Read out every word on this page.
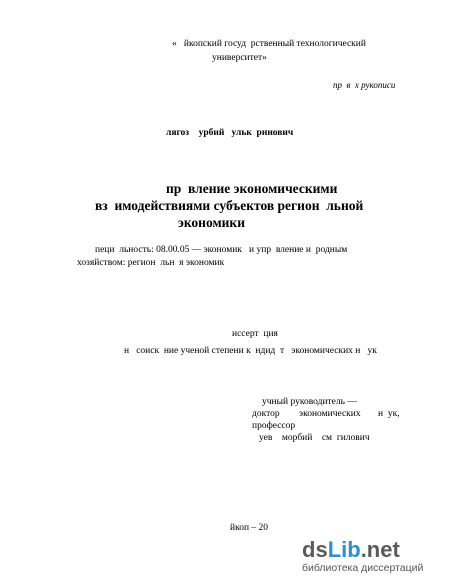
«   йкопский госуд  рственный технологический
университет»
пр  в  х рукописи
лягоз    урбий   ульк  рннович
пр  вление экономическими
вз  имодействиями субъектов регион  льной
экономики
пеци  льность: 08.00.05 — экономик   и упр  вление и  родным
хозяйством: регион  льн  я экономик
иссерт  ция
н   соиск  ние ученой степени к  ндид  т   экономических н   ук
учный руководитель —
доктор экономических н  ук,
профессор
уев    морбий    см  гилович
йкоп – 20
dsLib.net
библиотека диссертаций
